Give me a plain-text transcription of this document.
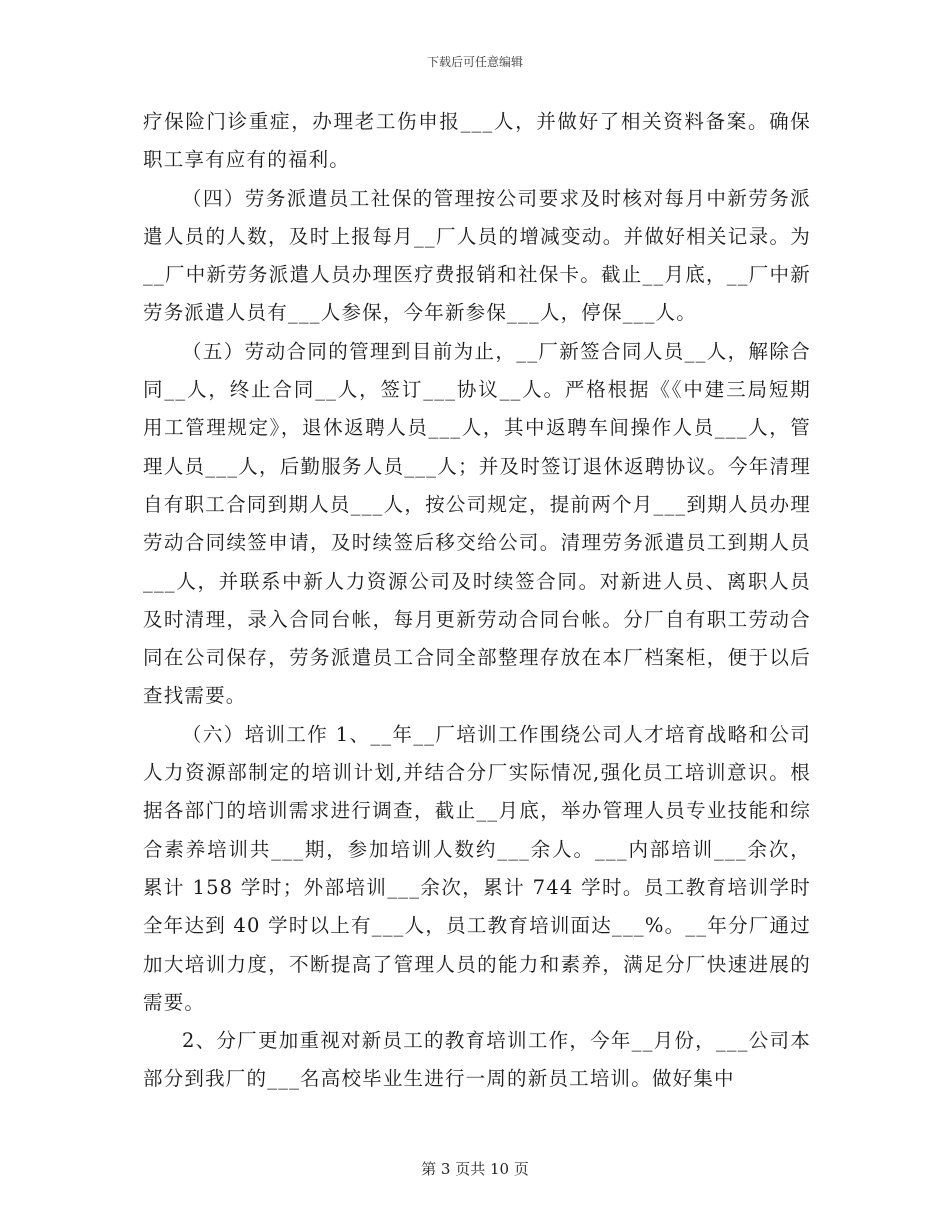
下载后可任意编辑

疗保险门诊重症，办理老工伤申报___人，并做好了相关资料备案。确保职工享有应有的福利。

（四）劳务派遣员工社保的管理按公司要求及时核对每月中新劳务派遣人员的人数，及时上报每月__厂人员的增减变动。并做好相关记录。为__厂中新劳务派遣人员办理医疗费报销和社保卡。截止__月底，__厂中新劳务派遣人员有___人参保，今年新参保___人，停保___人。

（五）劳动合同的管理到目前为止，__厂新签合同人员__人，解除合同__人，终止合同__人，签订___协议__人。严格根据《《中建三局短期用工管理规定》，退休返聘人员___人，其中返聘车间操作人员___人，管理人员___人，后勤服务人员___人；并及时签订退休返聘协议。今年清理自有职工合同到期人员___人，按公司规定，提前两个月___到期人员办理劳动合同续签申请，及时续签后移交给公司。清理劳务派遣员工到期人员___人，并联系中新人力资源公司及时续签合同。对新进人员、离职人员及时清理，录入合同台帐，每月更新劳动合同台帐。分厂自有职工劳动合同在公司保存，劳务派遣员工合同全部整理存放在本厂档案柜，便于以后查找需要。

（六）培训工作 1、__年__厂培训工作围绕公司人才培育战略和公司人力资源部制定的培训计划,并结合分厂实际情况,强化员工培训意识。根据各部门的培训需求进行调查，截止__月底，举办管理人员专业技能和综合素养培训共___期，参加培训人数约___余人。___内部培训___余次，累计 158 学时；外部培训___余次，累计 744 学时。员工教育培训学时全年达到 40 学时以上有___人，员工教育培训面达___%。__年分厂通过加大培训力度，不断提高了管理人员的能力和素养，满足分厂快速进展的需要。

2、分厂更加重视对新员工的教育培训工作，今年__月份，___公司本部分到我厂的___名高校毕业生进行一周的新员工培训。做好集中

第 3 页共 10 页
